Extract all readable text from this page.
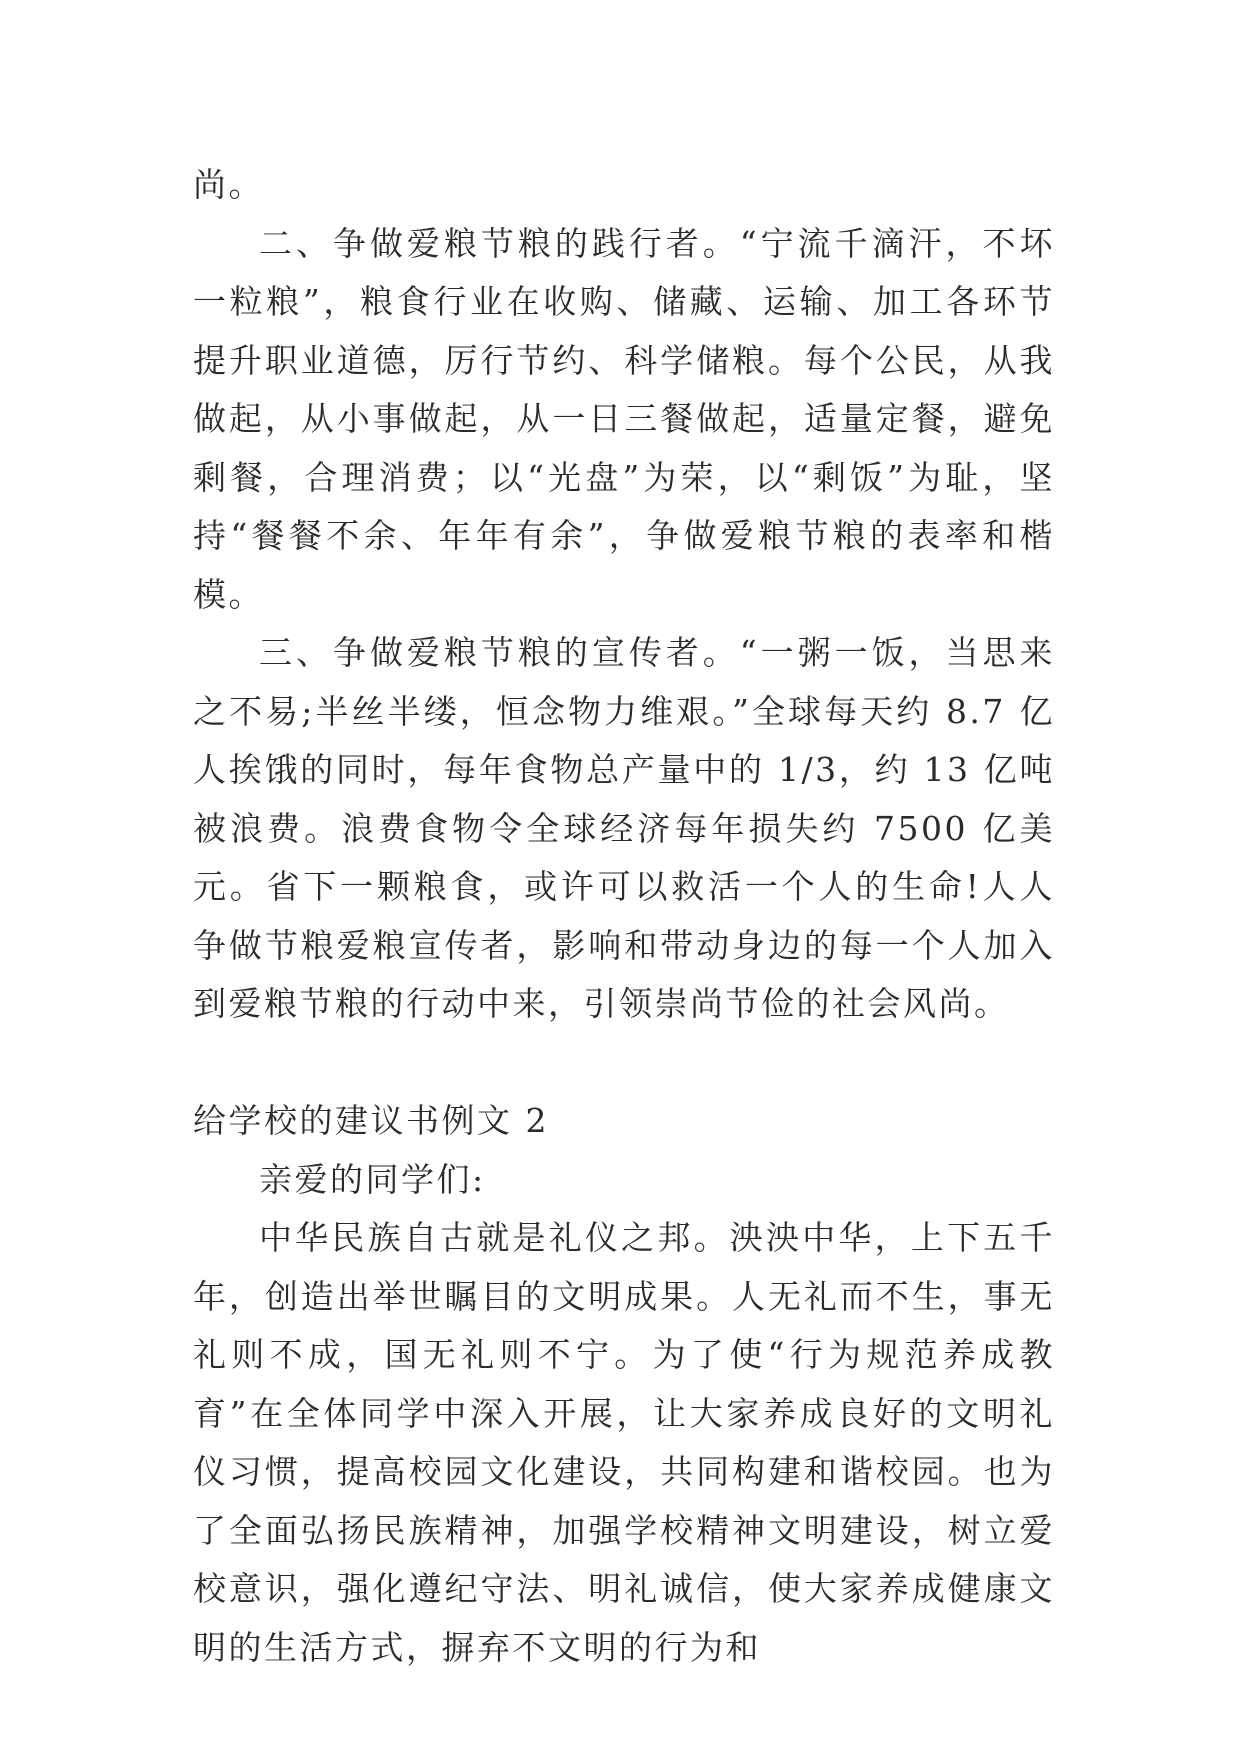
尚。

二、争做爱粮节粮的践行者。“宁流千滴汗，不坏一粒粮”，粮食行业在收购、储藏、运输、加工各环节提升职业道德，厉行节约、科学储粮。每个公民，从我做起，从小事做起，从一日三餐做起，适量定餐，避免剩餐，合理消费；以“光盘”为荣，以“剩饭”为耻，坚持“餐餐不余、年年有余”，争做爱粮节粮的表率和楷模。

三、争做爱粮节粮的宣传者。“一粥一饭，当思来之不易;半丝半缕，恒念物力维艰。”全球每天约 8.7 亿人挨饿的同时，每年食物总产量中的 1/3，约 13 亿吨被浪费。浪费食物令全球经济每年损失约 7500 亿美元。省下一颗粮食，或许可以救活一个人的生命!人人争做节粮爱粮宣传者，影响和带动身边的每一个人加入到爱粮节粮的行动中来，引领崇尚节俭的社会风尚。

给学校的建议书例文 2

亲爱的同学们:

中华民族自古就是礼仪之邦。泱泱中华，上下五千年，创造出举世瞩目的文明成果。人无礼而不生，事无礼则不成，国无礼则不宁。为了使“行为规范养成教育”在全体同学中深入开展，让大家养成良好的文明礼仪习惯，提高校园文化建设，共同构建和谐校园。也为了全面弘扬民族精神，加强学校精神文明建设，树立爱校意识，强化遵纪守法、明礼诚信，使大家养成健康文明的生活方式，摒弃不文明的行为和
